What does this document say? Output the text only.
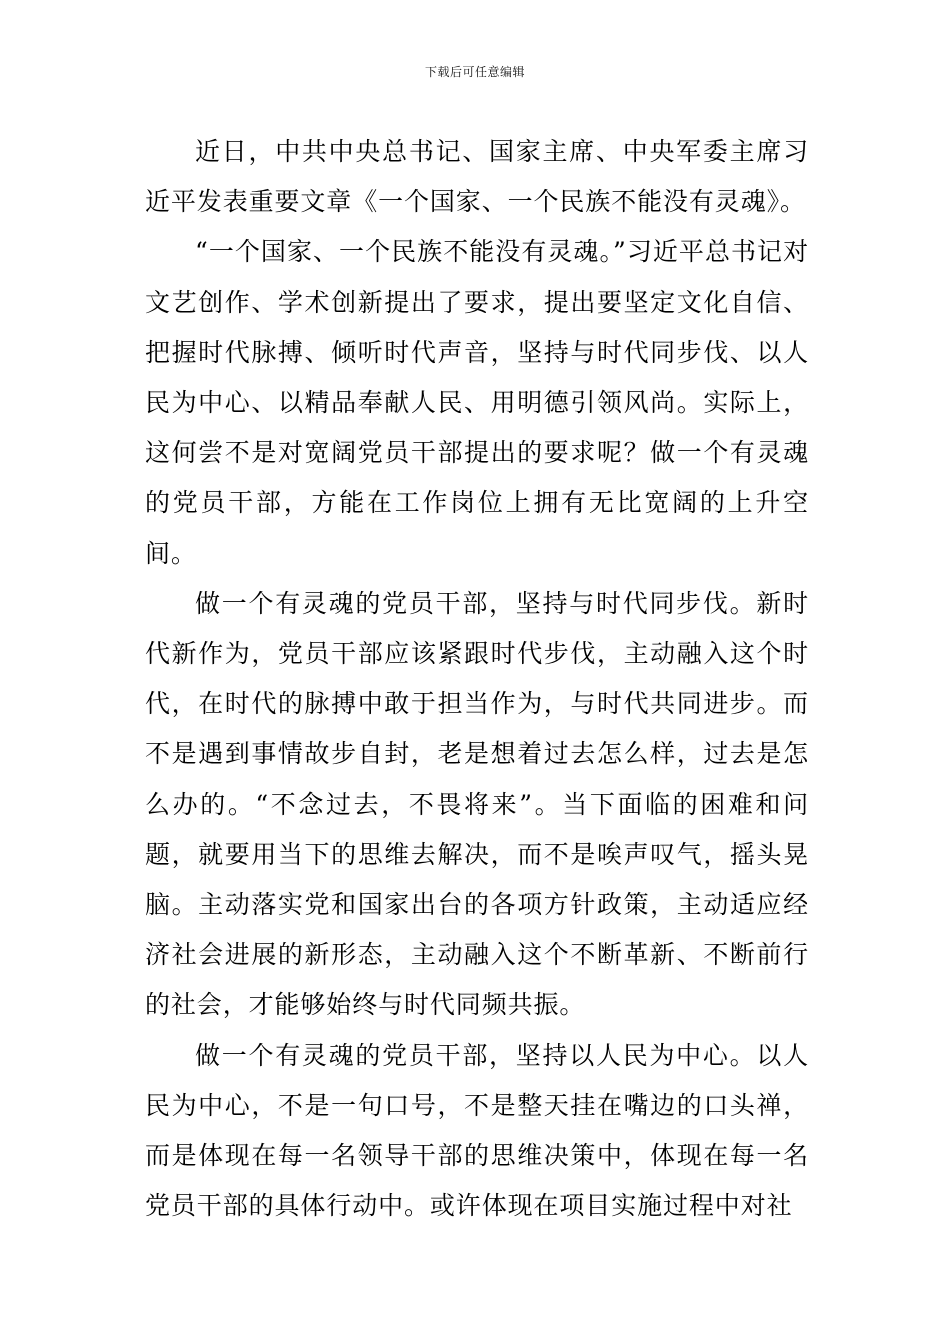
下载后可任意编辑

近日，中共中央总书记、国家主席、中央军委主席习近平发表重要文章《一个国家、一个民族不能没有灵魂》。

“一个国家、一个民族不能没有灵魂。”习近平总书记对文艺创作、学术创新提出了要求，提出要坚定文化自信、把握时代脉搏、倾听时代声音，坚持与时代同步伐、以人民为中心、以精品奉献人民、用明德引领风尚。实际上，这何尝不是对宽阔党员干部提出的要求呢？做一个有灵魂的党员干部，方能在工作岗位上拥有无比宽阔的上升空间。

做一个有灵魂的党员干部，坚持与时代同步伐。新时代新作为，党员干部应该紧跟时代步伐，主动融入这个时代，在时代的脉搏中敢于担当作为，与时代共同进步。而不是遇到事情故步自封，老是想着过去怎么样，过去是怎么办的。“不念过去，不畏将来”。当下面临的困难和问题，就要用当下的思维去解决，而不是唉声叹气，摇头晃脑。主动落实党和国家出台的各项方针政策，主动适应经济社会进展的新形态，主动融入这个不断革新、不断前行的社会，才能够始终与时代同频共振。

做一个有灵魂的党员干部，坚持以人民为中心。以人民为中心，不是一句口号，不是整天挂在嘴边的口头禅，而是体现在每一名领导干部的思维决策中，体现在每一名党员干部的具体行动中。或许体现在项目实施过程中对社
